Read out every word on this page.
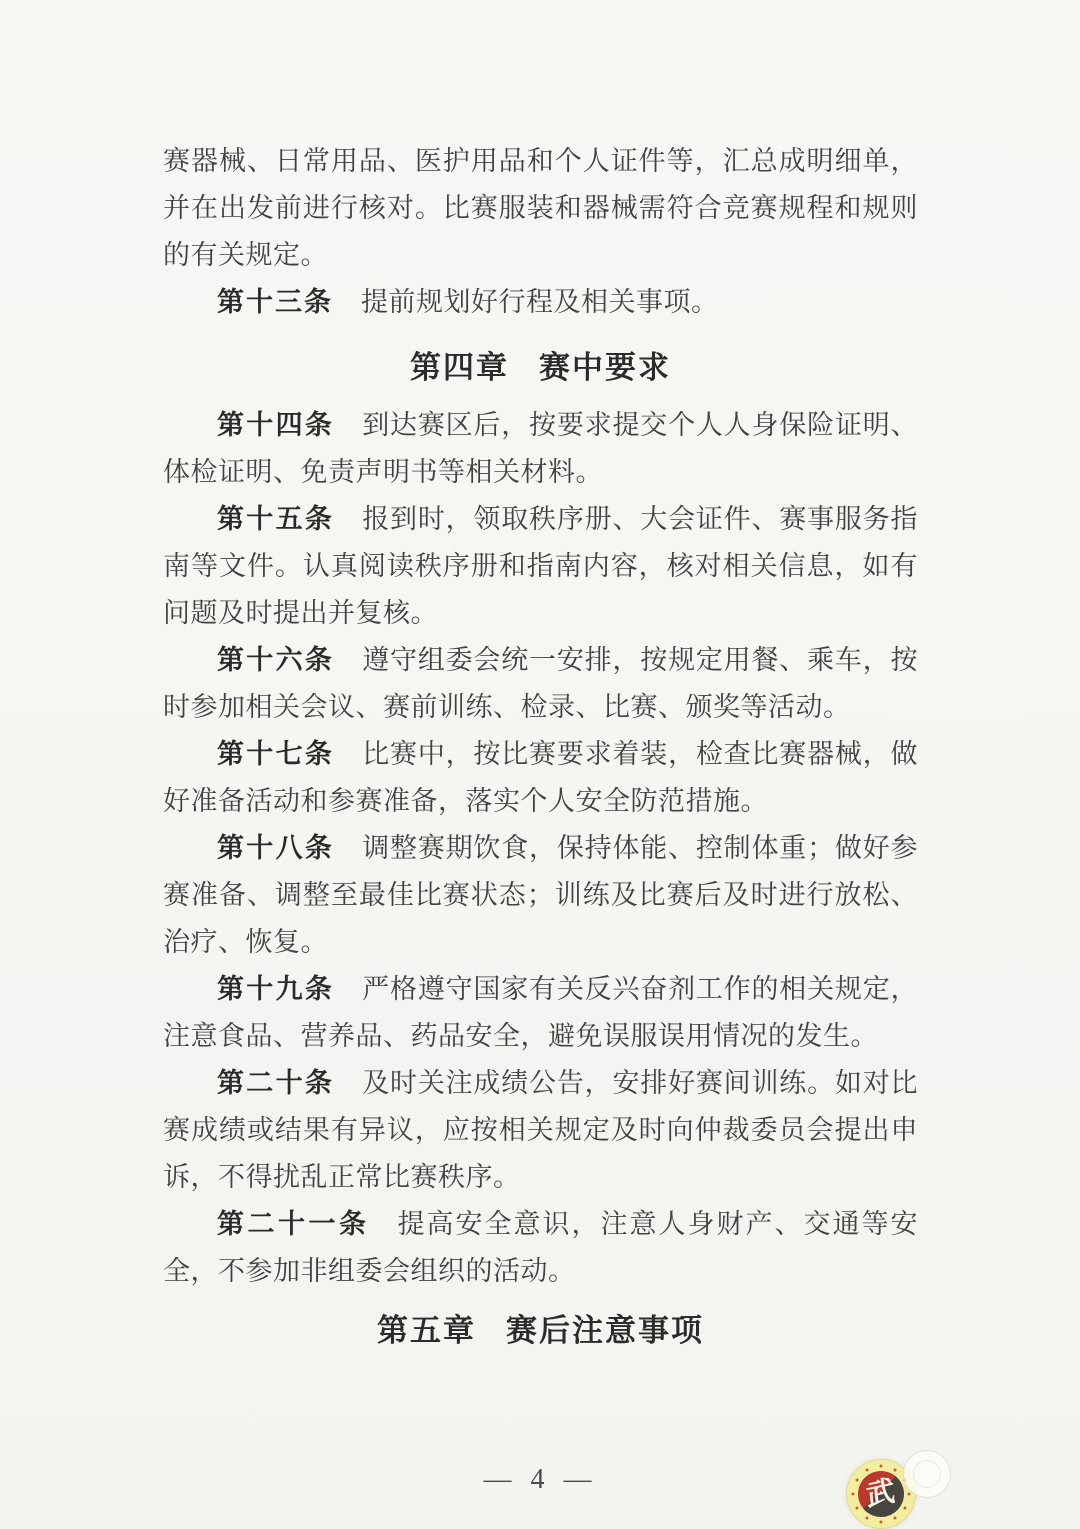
赛器械、日常用品、医护用品和个人证件等，汇总成明细单，并在出发前进行核对。比赛服装和器械需符合竞赛规程和规则的有关规定。

第十三条 提前规划好行程及相关事项。

第四章 赛中要求

第十四条 到达赛区后，按要求提交个人人身保险证明、体检证明、免责声明书等相关材料。

第十五条 报到时，领取秩序册、大会证件、赛事服务指南等文件。认真阅读秩序册和指南内容，核对相关信息，如有问题及时提出并复核。

第十六条 遵守组委会统一安排，按规定用餐、乘车，按时参加相关会议、赛前训练、检录、比赛、颁奖等活动。

第十七条 比赛中，按比赛要求着装，检查比赛器械，做好准备活动和参赛准备，落实个人安全防范措施。

第十八条 调整赛期饮食，保持体能、控制体重；做好参赛准备、调整至最佳比赛状态；训练及比赛后及时进行放松、治疗、恢复。

第十九条 严格遵守国家有关反兴奋剂工作的相关规定，注意食品、营养品、药品安全，避免误服误用情况的发生。

第二十条 及时关注成绩公告，安排好赛间训练。如对比赛成绩或结果有异议，应按相关规定及时向仲裁委员会提出申诉，不得扰乱正常比赛秩序。

第二十一条 提高安全意识，注意人身财产、交通等安全，不参加非组委会组织的活动。

第五章 赛后注意事项
— 4 —	武
